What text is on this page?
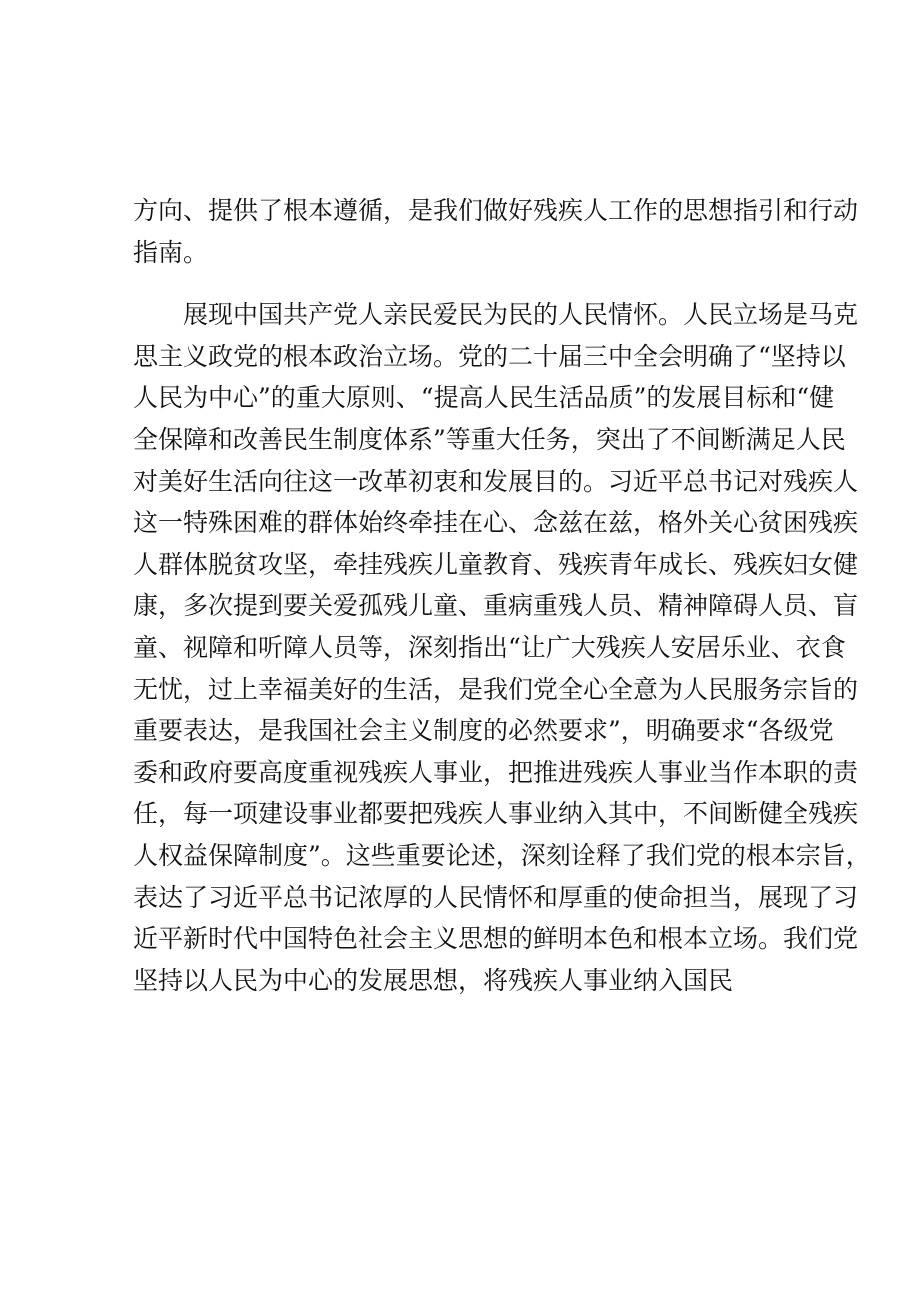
方向、提供了根本遵循，是我们做好残疾人工作的思想指引和行动
指南。
展现中国共产党人亲民爱民为民的人民情怀。人民立场是马克
思主义政党的根本政治立场。党的二十届三中全会明确了“坚持以
人民为中心”的重大原则、“提高人民生活品质”的发展目标和“健
全保障和改善民生制度体系”等重大任务，突出了不间断满足人民
对美好生活向往这一改革初衷和发展目的。习近平总书记对残疾人
这一特殊困难的群体始终牵挂在心、念兹在兹，格外关心贫困残疾
人群体脱贫攻坚，牵挂残疾儿童教育、残疾青年成长、残疾妇女健
康，多次提到要关爱孤残儿童、重病重残人员、精神障碍人员、盲
童、视障和听障人员等，深刻指出“让广大残疾人安居乐业、衣食
无忧，过上幸福美好的生活，是我们党全心全意为人民服务宗旨的
重要表达，是我国社会主义制度的必然要求”，明确要求“各级党
委和政府要高度重视残疾人事业，把推进残疾人事业当作本职的责
任，每一项建设事业都要把残疾人事业纳入其中，不间断健全残疾
人权益保障制度”。这些重要论述，深刻诠释了我们党的根本宗旨，
表达了习近平总书记浓厚的人民情怀和厚重的使命担当，展现了习
近平新时代中国特色社会主义思想的鲜明本色和根本立场。我们党
坚持以人民为中心的发展思想，将残疾人事业纳入国民
